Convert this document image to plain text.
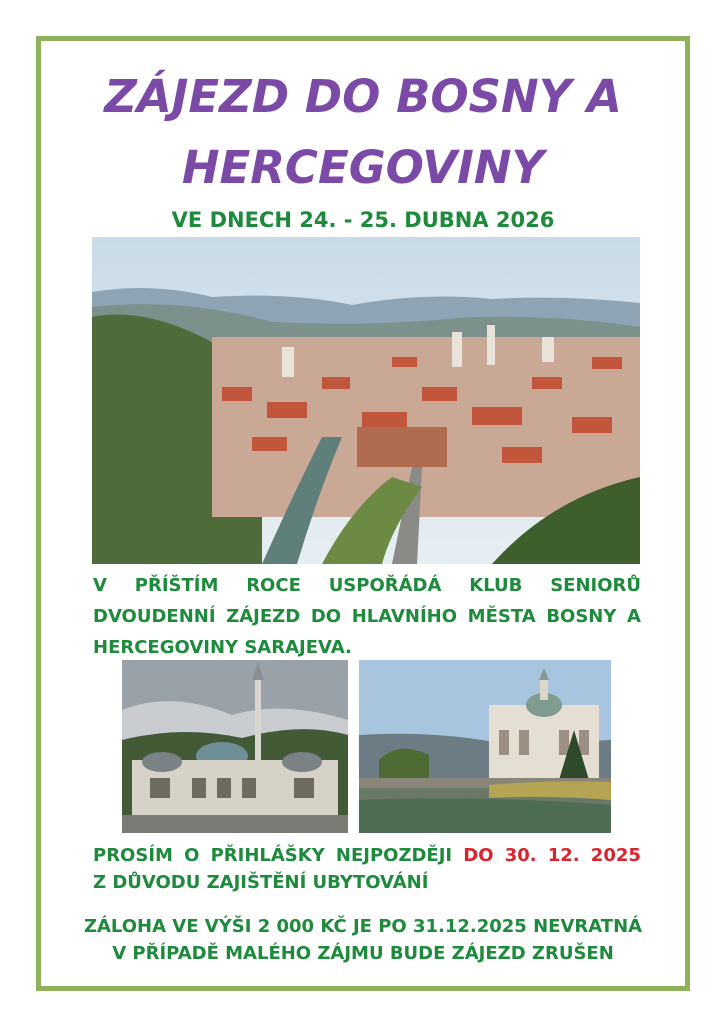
ZÁJEZD DO BOSNY A
HERCEGOVINY
VE DNECH 24. - 25. DUBNA 2026
V PŘÍŠTÍM ROCE USPOŘÁDÁ KLUB SENIORŮ DVOUDENNÍ ZÁJEZD DO HLAVNÍHO MĚSTA BOSNY A HERCEGOVINY SARAJEVA.
PROSÍM O PŘIHLÁŠKY NEJPOZDĚJI DO 30. 12. 2025
Z DŮVODU ZAJIŠTĚNÍ UBYTOVÁNÍ
ZÁLOHA VE VÝŠI 2 000 KČ JE PO 31.12.2025 NEVRATNÁ
V PŘÍPADĚ MALÉHO ZÁJMU BUDE ZÁJEZD ZRUŠEN
